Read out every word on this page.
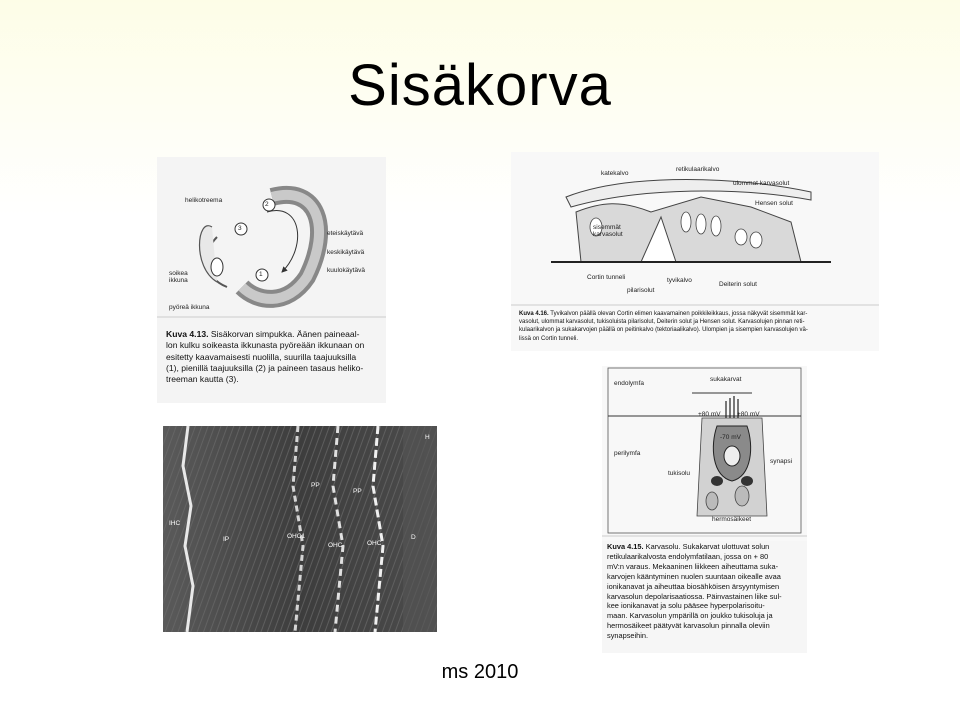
Sisäkorva
2
1
3
helikotreema
eteiskäytävä
keskikäytävä
kuulokäytävä
soikea
ikkuna
pyöreä ikkuna
Kuva 4.13. Sisäkorvan simpukka. Äänen paineaal-
lon kulku soikeasta ikkunasta pyöreään ikkunaan on
esitetty kaavamaisesti nuolilla, suurilla taajuuksilla
(1), pienillä taajuuksilla (2) ja paineen tasaus heliko-
treeman kautta (3).
katekalvo
retikulaarikalvo
ulommat karvasolut
Hensen solut
sisemmät
karvasolut
Cortin tunneli
pilarisolut
tyvikalvo
Deiterin solut
Kuva 4.16. Tyvikalvon päällä olevan Cortin elimen kaavamainen poikkileikkaus, jossa näkyvät sisemmät kar-
vasolut, ulommat karvasolut, tukisoluista pilarisolut, Deiterin solut ja Hensen solut. Karvasolujen pinnan reti-
kulaarikalvon ja sukakarvojen päällä on peitinkalvo (tektoriaalikalvo). Ulompien ja sisempien karvasolujen vä-
lissä on Cortin tunneli.
H
PP
PP
IHC
IP	OHC1
OHC	OHC
D
endolymfa
sukakarvat
+80 mV	+80 mV
-70 mV
perilymfa
tukisolu
synapsi
hermosäikeet
Kuva 4.15. Karvasolu. Sukakarvat ulottuvat solun
retikulaarikalvosta endolymfatilaan, jossa on + 80
mV:n varaus. Mekaaninen liikkeen aiheuttama suka-
karvojen kääntyminen nuolen suuntaan oikealle avaa
ionikanavat ja aiheuttaa biosähköisen ärsyyntymisen
karvasolun depolarisaatiossa. Päinvastainen liike sul-
kee ionikanavat ja solu pääsee hyperpolarisoitu-
maan. Karvasolun ympärillä on joukko tukisoluja ja
hermosäikeet päätyvät karvasolun pinnalla oleviin
synapseihin.
ms 2010
